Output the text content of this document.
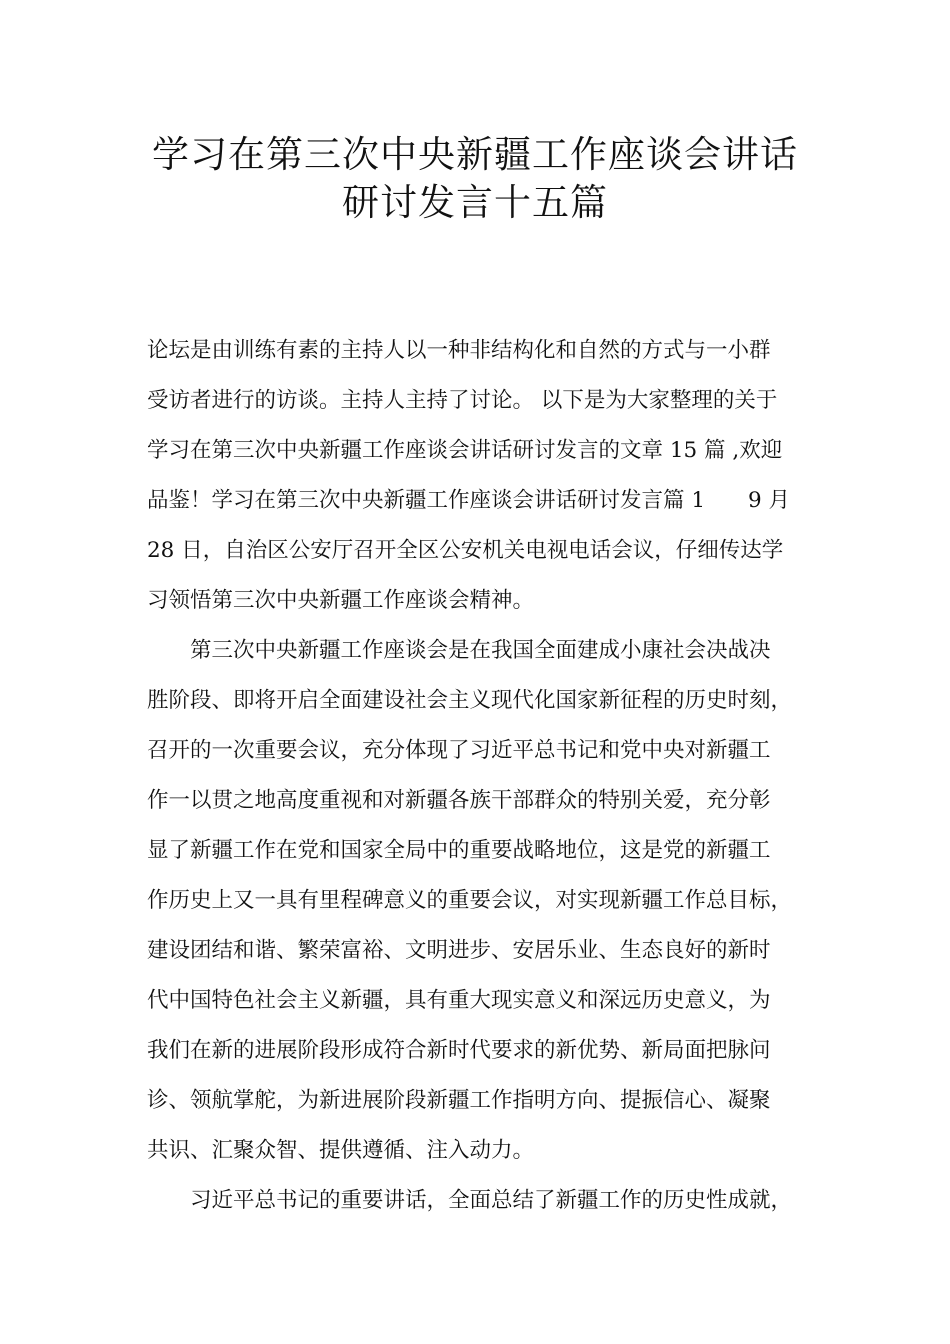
学习在第三次中央新疆工作座谈会讲话
研讨发言十五篇
论坛是由训练有素的主持人以一种非结构化和自然的方式与一小群
受访者进行的访谈。主持人主持了讨论。 以下是为大家整理的关于
学习在第三次中央新疆工作座谈会讲话研讨发言的文章 15 篇 ,欢迎
品鉴！学习在第三次中央新疆工作座谈会讲话研讨发言篇 1　　9 月
28 日，自治区公安厅召开全区公安机关电视电话会议，仔细传达学
习领悟第三次中央新疆工作座谈会精神。
第三次中央新疆工作座谈会是在我国全面建成小康社会决战决
胜阶段、即将开启全面建设社会主义现代化国家新征程的历史时刻，
召开的一次重要会议，充分体现了习近平总书记和党中央对新疆工
作一以贯之地高度重视和对新疆各族干部群众的特别关爱，充分彰
显了新疆工作在党和国家全局中的重要战略地位，这是党的新疆工
作历史上又一具有里程碑意义的重要会议，对实现新疆工作总目标，
建设团结和谐、繁荣富裕、文明进步、安居乐业、生态良好的新时
代中国特色社会主义新疆，具有重大现实意义和深远历史意义，为
我们在新的进展阶段形成符合新时代要求的新优势、新局面把脉问
诊、领航掌舵，为新进展阶段新疆工作指明方向、提振信心、凝聚
共识、汇聚众智、提供遵循、注入动力。
习近平总书记的重要讲话，全面总结了新疆工作的历史性成就，
